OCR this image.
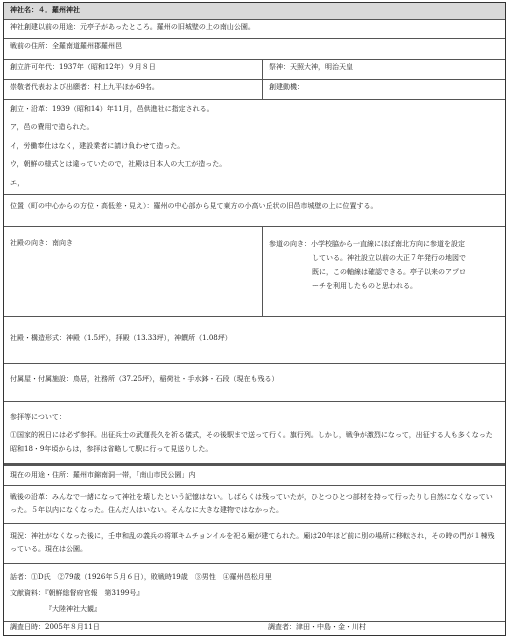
神社名：４．羅州神社
神社創建以前の用途：元亭子があったところ。羅州の旧城壁の上の南山公園。
戦前の住所：全羅南道羅州郡羅州邑
創立許可年代：1937年（昭和12年）９月８日	祭神：天照大神，明治天皇
崇敬者代表および出願者：村上九平ほか69名。	創建動機：
創立・沿革：1939（昭和14）年11月，邑供進社に指定される。
ア，邑の費用で造られた。
イ，労働奉仕はなく，建設業者に請け負わせて造った。
ウ，朝鮮の様式とは違っていたので，社殿は日本人の大工が造った。
エ，
位置（町の中心からの方位・高低差・見え）：羅州の中心部から見て東方の小高い丘状の旧邑市城壁の上に位置する。
社殿の向き：南向き	参道の向き：小学校脇から一直線にほぼ南北方向に参道を設定
している。神社設立以前の大正７年発行の地図で
既に，この軸線は確認できる。亭子以来のアプロ
ーチを利用したものと思われる。
社殿・構造形式：神殿（1.5坪），拝殿（13.33坪），神饌所（1.08坪）
付属屋・付属施設：鳥居，社務所（37.25坪），稲荷社・手水鉢・石段（現在も残る）
参拝等について：
①国家的祝日には必ず参拝。出征兵士の武運長久を祈る儀式，その後駅まで送って行く。旗行列。しかし，戦争が激烈になって，出征する人も多くなった昭和18・9年頃からは，参拝は省略して駅に行って見送りした。
現在の用途・住所：羅州市錦南洞一帯，「南山市民公園」内
戦後の沿革：みんなで一緒になって神社を壊したという記憶はない。しばらくは残っていたが，ひとつひとつ部材を持って行ったりし自然になくなっていった。５年以内になくなった。住んだ人はいない。そんなに大きな建物ではなかった。
現況：神社がなくなった後に，壬申和乱の義兵の将軍キムチョンイルを祀る廟が建てられた。廟は20年ほど前に別の場所に移転され，その時の門が１棟残っている。現在は公園。
話者：①D氏　②79歳（1926年５月６日），敗戦時19歳　③男性　④羅州邑松月里
文献資料：『朝鮮総督府官報　第3199号』
『大陸神社大観』
調査日時：2005年８月11日	調査者：津田・中島・金・川村
